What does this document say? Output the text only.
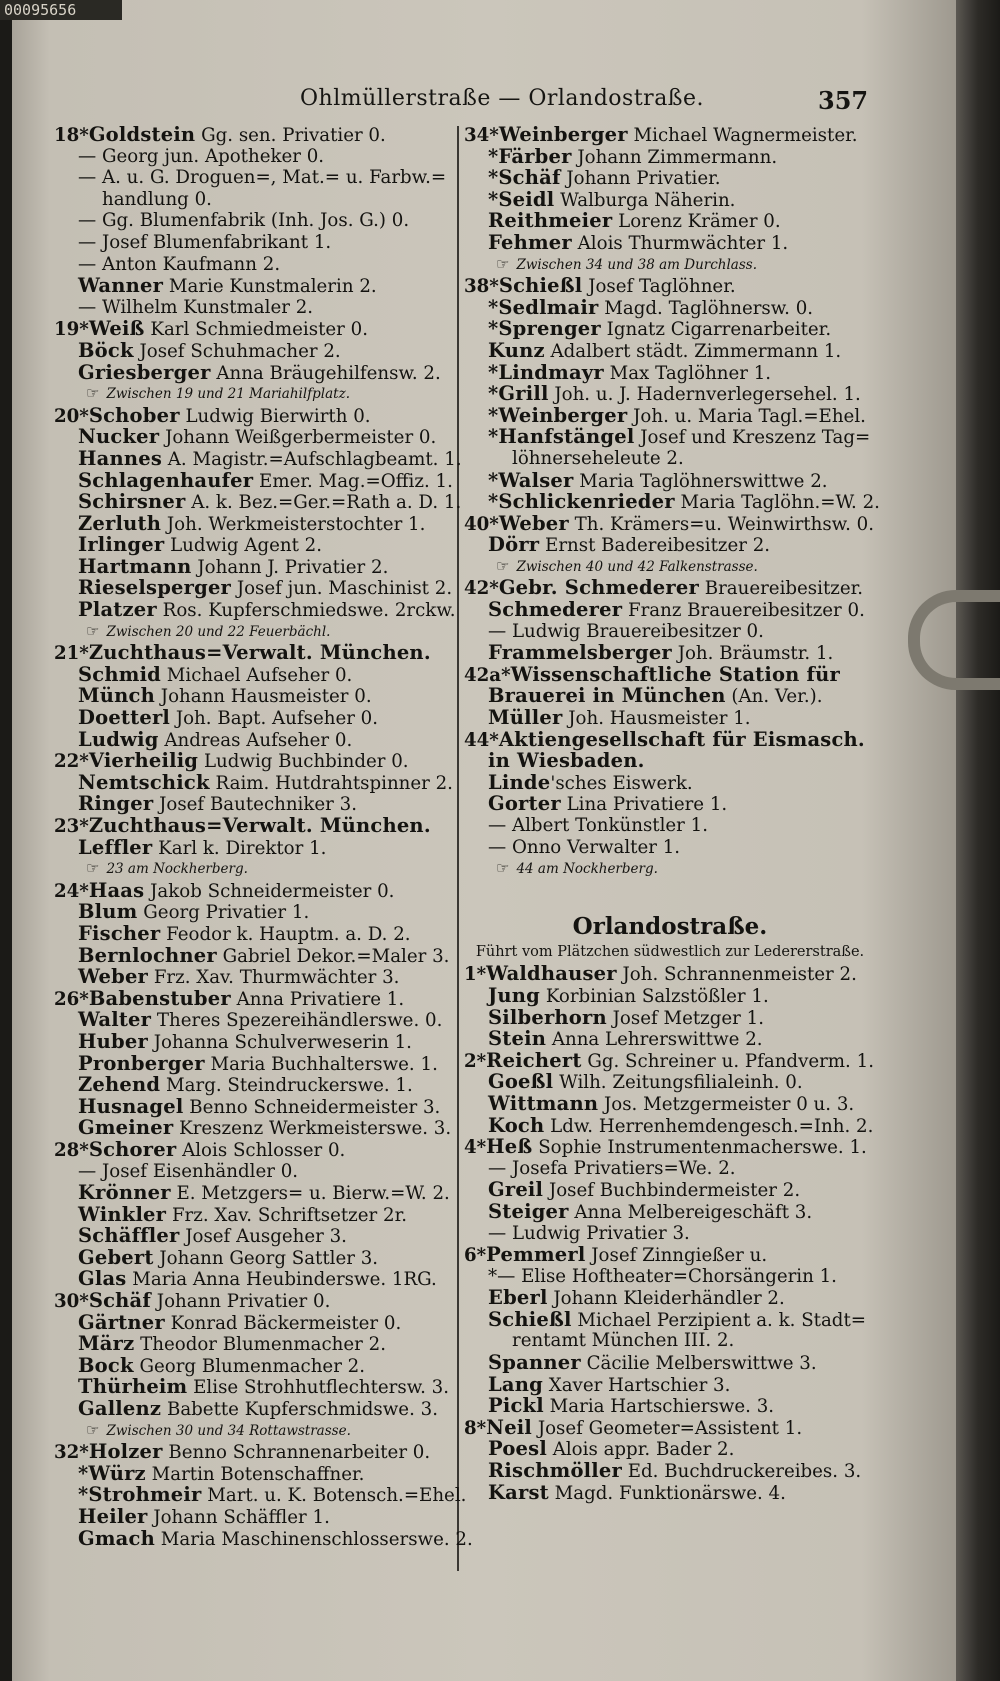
00095656
Ohlmüllerstraße — Orlandostraße.	357
18*Goldstein Gg. sen. Privatier 0.
— Georg jun. Apotheker 0.
— A. u. G. Droguen=, Mat.= u. Farbw.=
handlung 0.
— Gg. Blumenfabrik (Inh. Jos. G.) 0.
— Josef Blumenfabrikant 1.
— Anton Kaufmann 2.
Wanner Marie Kunstmalerin 2.
— Wilhelm Kunstmaler 2.
19*Weiß Karl Schmiedmeister 0.
Böck Josef Schuhmacher 2.
Griesberger Anna Bräugehilfensw. 2.
☞ Zwischen 19 und 21 Mariahilfplatz.
20*Schober Ludwig Bierwirth 0.
Nucker Johann Weißgerbermeister 0.
Hannes A. Magistr.=Aufschlagbeamt. 1.
Schlagenhaufer Emer. Mag.=Offiz. 1.
Schirsner A. k. Bez.=Ger.=Rath a. D. 1.
Zerluth Joh. Werkmeisterstochter 1.
Irlinger Ludwig Agent 2.
Hartmann Johann J. Privatier 2.
Rieselsperger Josef jun. Maschinist 2.
Platzer Ros. Kupferschmiedswe. 2rckw.
☞ Zwischen 20 und 22 Feuerbächl.
21*Zuchthaus=Verwalt. München.
Schmid Michael Aufseher 0.
Münch Johann Hausmeister 0.
Doetterl Joh. Bapt. Aufseher 0.
Ludwig Andreas Aufseher 0.
22*Vierheilig Ludwig Buchbinder 0.
Nemtschick Raim. Hutdrahtspinner 2.
Ringer Josef Bautechniker 3.
23*Zuchthaus=Verwalt. München.
Leffler Karl k. Direktor 1.
☞ 23 am Nockherberg.
24*Haas Jakob Schneidermeister 0.
Blum Georg Privatier 1.
Fischer Feodor k. Hauptm. a. D. 2.
Bernlochner Gabriel Dekor.=Maler 3.
Weber Frz. Xav. Thurmwächter 3.
26*Babenstuber Anna Privatiere 1.
Walter Theres Spezereihändlerswe. 0.
Huber Johanna Schulverweserin 1.
Pronberger Maria Buchhalterswe. 1.
Zehend Marg. Steindruckerswe. 1.
Husnagel Benno Schneidermeister 3.
Gmeiner Kreszenz Werkmeisterswe. 3.
28*Schorer Alois Schlosser 0.
— Josef Eisenhändler 0.
Krönner E. Metzgers= u. Bierw.=W. 2.
Winkler Frz. Xav. Schriftsetzer 2r.
Schäffler Josef Ausgeher 3.
Gebert Johann Georg Sattler 3.
Glas Maria Anna Heubinderswe. 1RG.
30*Schäf Johann Privatier 0.
Gärtner Konrad Bäckermeister 0.
März Theodor Blumenmacher 2.
Bock Georg Blumenmacher 2.
Thürheim Elise Strohhutflechtersw. 3.
Gallenz Babette Kupferschmidswe. 3.
☞ Zwischen 30 und 34 Rottawstrasse.
32*Holzer Benno Schrannenarbeiter 0.
*Würz Martin Botenschaffner.
*Strohmeir Mart. u. K. Botensch.=Ehel.
Heiler Johann Schäffler 1.
Gmach Maria Maschinenschlosserswe. 2.
34*Weinberger Michael Wagnermeister.
*Färber Johann Zimmermann.
*Schäf Johann Privatier.
*Seidl Walburga Näherin.
Reithmeier Lorenz Krämer 0.
Fehmer Alois Thurmwächter 1.
☞ Zwischen 34 und 38 am Durchlass.
38*Schießl Josef Taglöhner.
*Sedlmair Magd. Taglöhnersw. 0.
*Sprenger Ignatz Cigarrenarbeiter.
Kunz Adalbert städt. Zimmermann 1.
*Lindmayr Max Taglöhner 1.
*Grill Joh. u. J. Hadernverlegersehel. 1.
*Weinberger Joh. u. Maria Tagl.=Ehel.
*Hanfstängel Josef und Kreszenz Tag=
löhnerseheleute 2.
*Walser Maria Taglöhnerswittwe 2.
*Schlickenrieder Maria Taglöhn.=W. 2.
40*Weber Th. Krämers=u. Weinwirthsw. 0.
Dörr Ernst Badereibesitzer 2.
☞ Zwischen 40 und 42 Falkenstrasse.
42*Gebr. Schmederer Brauereibesitzer.
Schmederer Franz Brauereibesitzer 0.
— Ludwig Brauereibesitzer 0.
Frammelsberger Joh. Bräumstr. 1.
42a*Wissenschaftliche Station für
Brauerei in München (An. Ver.).
Müller Joh. Hausmeister 1.
44*Aktiengesellschaft für Eismasch.
in Wiesbaden.
Linde'sches Eiswerk.
Gorter Lina Privatiere 1.
— Albert Tonkünstler 1.
— Onno Verwalter 1.
☞ 44 am Nockherberg.
Orlandostraße.
Führt vom Plätzchen südwestlich zur Ledererstraße.
1*Waldhauser Joh. Schrannenmeister 2.
Jung Korbinian Salzstößler 1.
Silberhorn Josef Metzger 1.
Stein Anna Lehrerswittwe 2.
2*Reichert Gg. Schreiner u. Pfandverm. 1.
Goeßl Wilh. Zeitungsfilialeinh. 0.
Wittmann Jos. Metzgermeister 0 u. 3.
Koch Ldw. Herrenhemdengesch.=Inh. 2.
4*Heß Sophie Instrumentenmacherswe. 1.
— Josefa Privatiers=We. 2.
Greil Josef Buchbindermeister 2.
Steiger Anna Melbereigeschäft 3.
— Ludwig Privatier 3.
6*Pemmerl Josef Zinngießer u.
*— Elise Hoftheater=Chorsängerin 1.
Eberl Johann Kleiderhändler 2.
Schießl Michael Perzipient a. k. Stadt=
rentamt München III. 2.
Spanner Cäcilie Melberswittwe 3.
Lang Xaver Hartschier 3.
Pickl Maria Hartschierswe. 3.
8*Neil Josef Geometer=Assistent 1.
Poesl Alois appr. Bader 2.
Rischmöller Ed. Buchdruckereibes. 3.
Karst Magd. Funktionärswe. 4.
